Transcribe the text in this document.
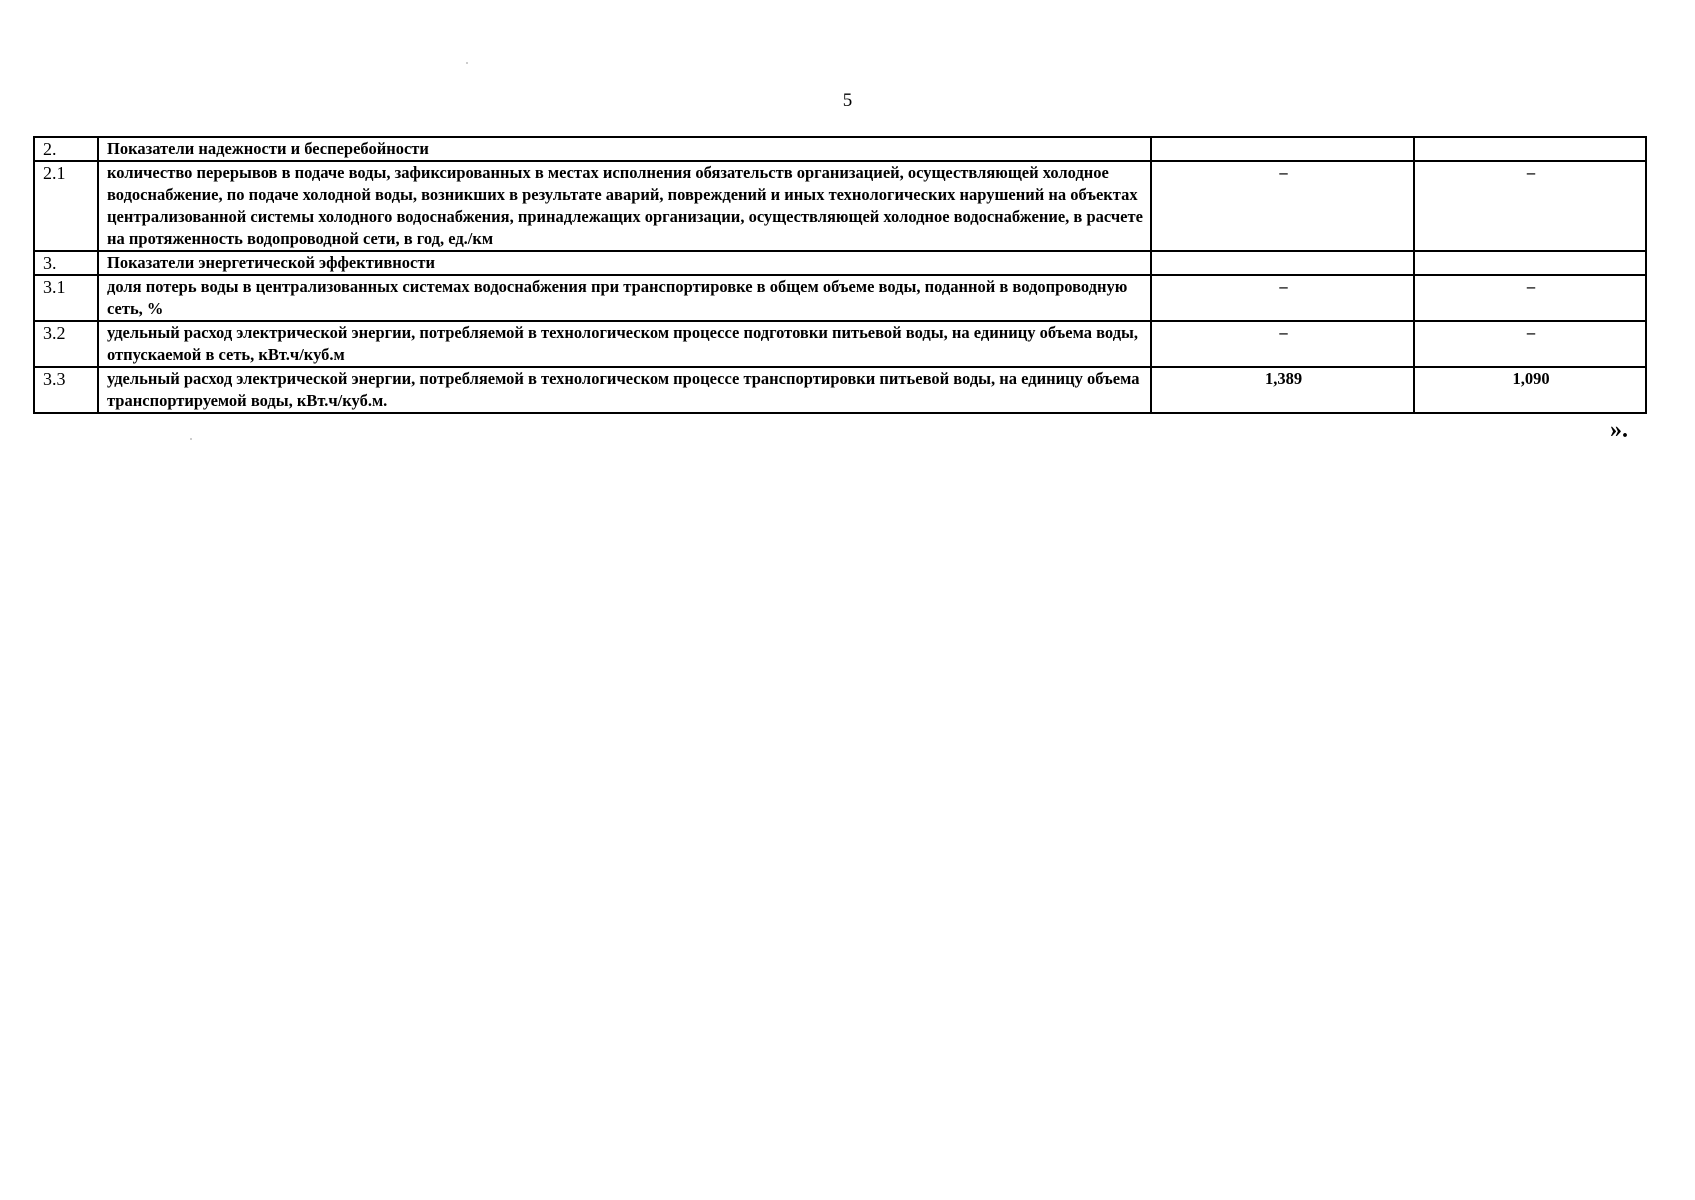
5
2.	Показатели надежности и бесперебойности		
2.1	количество перерывов в подаче воды, зафиксированных в местах исполнения обязательств организацией, осуществляющей холодное водоснабжение, по подаче холодной воды, возникших в результате аварий, повреждений и иных технологических нарушений на объектах централизованной системы холодного водоснабжения, принадлежащих организации, осуществляющей холодное водоснабжение, в расчете на протяженность водопроводной сети, в год, ед./км	–	–
3.	Показатели энергетической эффективности		
3.1	доля потерь воды в централизованных системах водоснабжения при транспортировке в общем объеме воды, поданной в водопроводную сеть, %	–	–
3.2	удельный расход электрической энергии, потребляемой в технологическом процессе подготовки питьевой воды, на единицу объема воды, отпускаемой в сеть, кВт.ч/куб.м	–	–
3.3	удельный расход электрической энергии, потребляемой в технологическом процессе транспортировки питьевой воды, на единицу объема транспортируемой воды, кВт.ч/куб.м.	1,389	1,090
».
